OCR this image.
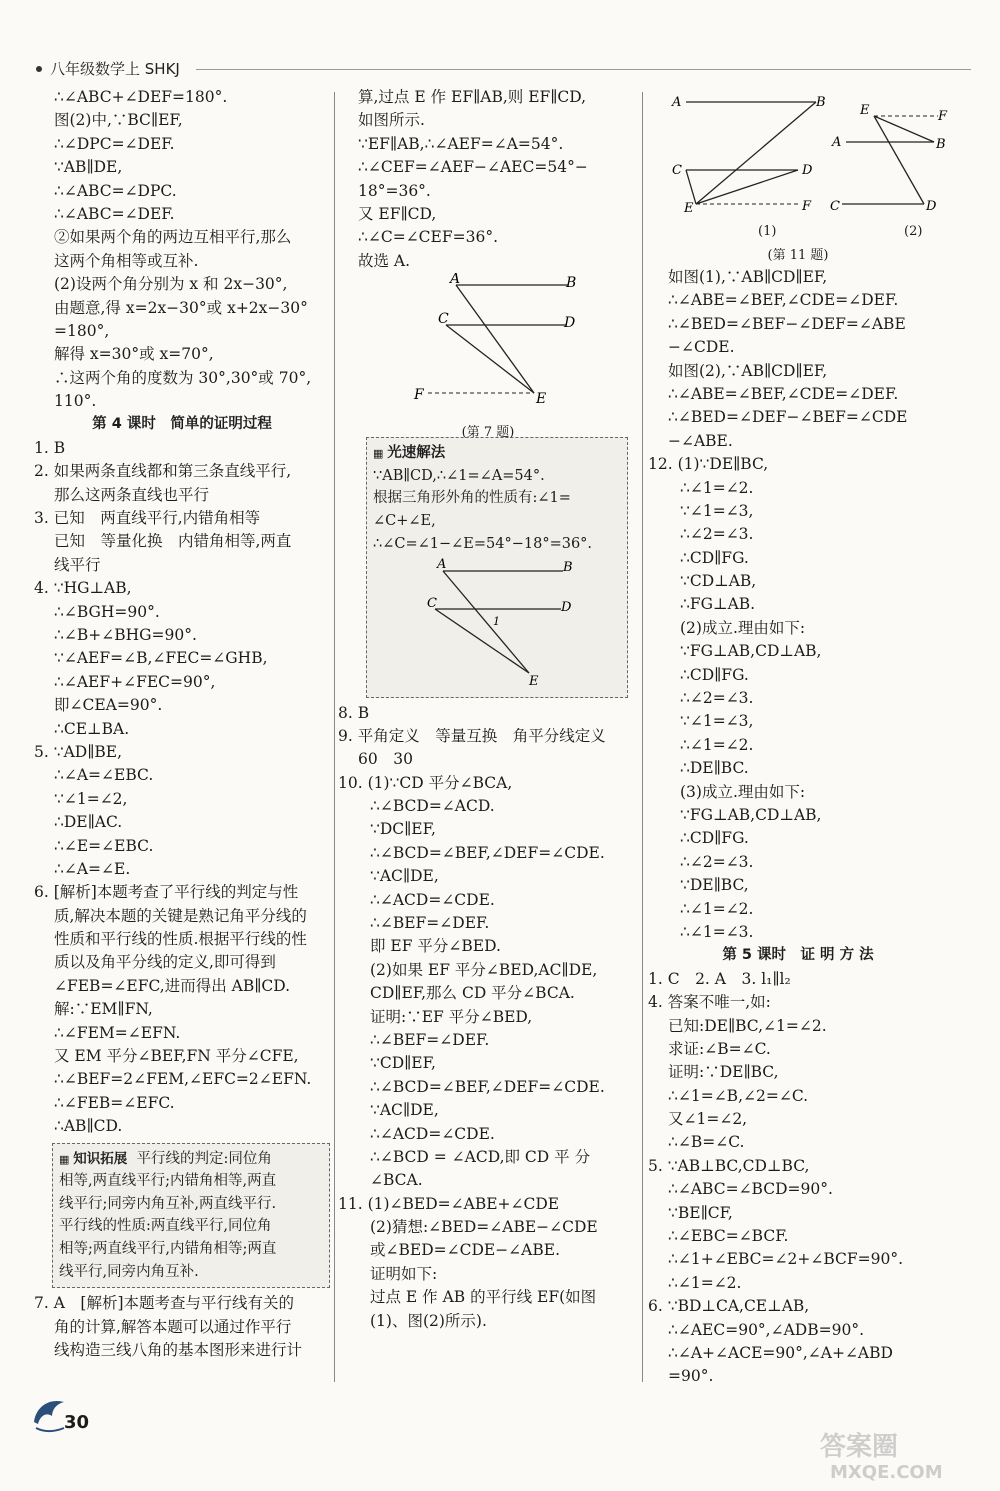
八年级数学上 SHKJ
∴∠ABC+∠DEF=180°.
图(2)中,∵BC∥EF,
∴∠DPC=∠DEF.
∵AB∥DE,
∴∠ABC=∠DPC.
∴∠ABC=∠DEF.
②如果两个角的两边互相平行,那么
这两个角相等或互补.
(2)设两个角分别为 x 和 2x−30°,
由题意,得 x=2x−30°或 x+2x−30°
=180°,
解得 x=30°或 x=70°,
∴这两个角的度数为 30°,30°或 70°,
110°.
第 4 课时　简单的证明过程
1. B
2. 如果两条直线都和第三条直线平行,
那么这两条直线也平行
3. 已知　两直线平行,内错角相等
已知　等量化换　内错角相等,两直
线平行
4. ∵HG⊥AB,
∴∠BGH=90°.
∴∠B+∠BHG=90°.
∵∠AEF=∠B,∠FEC=∠GHB,
∴∠AEF+∠FEC=90°,
即∠CEA=90°.
∴CE⊥BA.
5. ∵AD∥BE,
∴∠A=∠EBC.
∵∠1=∠2,
∴DE∥AC.
∴∠E=∠EBC.
∴∠A=∠E.
6. [解析]本题考查了平行线的判定与性
质,解决本题的关键是熟记角平分线的
性质和平行线的性质.根据平行线的性
质以及角平分线的定义,即可得到
∠FEB=∠EFC,进而得出 AB∥CD.
解:∵EM∥FN,
∴∠FEM=∠EFN.
又 EM 平分∠BEF,FN 平分∠CFE,
∴∠BEF=2∠FEM,∠EFC=2∠EFN.
∴∠FEB=∠EFC.
∴AB∥CD.
▦ 知识拓展 平行线的判定:同位角
相等,两直线平行;内错角相等,两直
线平行;同旁内角互补,两直线平行.
平行线的性质:两直线平行,同位角
相等;两直线平行,内错角相等;两直
线平行,同旁内角互补.
7. A　[解析]本题考查与平行线有关的
角的计算,解答本题可以通过作平行
线构造三线八角的基本图形来进行计
算,过点 E 作 EF∥AB,则 EF∥CD,
如图所示.
∵EF∥AB,∴∠AEF=∠A=54°.
∴∠CEF=∠AEF−∠AEC=54°−
18°=36°.
又 EF∥CD,
∴∠C=∠CEF=36°.
故选 A.
A	B
C	D
F	E
(第 7 题)
▦ 光速解法
∵AB∥CD,∴∠1=∠A=54°.
根据三角形外角的性质有:∠1=
∠C+∠E,
∴∠C=∠1−∠E=54°−18°=36°.
A	B
C	D
1
E
8. B
9. 平角定义　等量互换　角平分线定义
60　30
10. (1)∵CD 平分∠BCA,
∴∠BCD=∠ACD.
∵DC∥EF,
∴∠BCD=∠BEF,∠DEF=∠CDE.
∵AC∥DE,
∴∠ACD=∠CDE.
∴∠BEF=∠DEF.
即 EF 平分∠BED.
(2)如果 EF 平分∠BED,AC∥DE,
CD∥EF,那么 CD 平分∠BCA.
证明:∵EF 平分∠BED,
∴∠BEF=∠DEF.
∵CD∥EF,
∴∠BCD=∠BEF,∠DEF=∠CDE.
∵AC∥DE,
∴∠ACD=∠CDE.
∴∠BCD = ∠ACD,即 CD 平 分
∠BCA.
11. (1)∠BED=∠ABE+∠CDE
(2)猜想:∠BED=∠ABE−∠CDE
或∠BED=∠CDE−∠ABE.
证明如下:
过点 E 作 AB 的平行线 EF(如图
(1)、图(2)所示).
A	B
C	D
E	F
E	F
A	B
C	D
(1)	(2)
(第 11 题)
如图(1),∵AB∥CD∥EF,
∴∠ABE=∠BEF,∠CDE=∠DEF.
∴∠BED=∠BEF−∠DEF=∠ABE
−∠CDE.
如图(2),∵AB∥CD∥EF,
∴∠ABE=∠BEF,∠CDE=∠DEF.
∴∠BED=∠DEF−∠BEF=∠CDE
−∠ABE.
12. (1)∵DE∥BC,
∴∠1=∠2.
∵∠1=∠3,
∴∠2=∠3.
∴CD∥FG.
∵CD⊥AB,
∴FG⊥AB.
(2)成立.理由如下:
∵FG⊥AB,CD⊥AB,
∴CD∥FG.
∴∠2=∠3.
∵∠1=∠3,
∴∠1=∠2.
∴DE∥BC.
(3)成立.理由如下:
∵FG⊥AB,CD⊥AB,
∴CD∥FG.
∴∠2=∠3.
∵DE∥BC,
∴∠1=∠2.
∴∠1=∠3.
第 5 课时　证 明 方 法
1. C　2. A　3. l₁∥l₂
4. 答案不唯一,如:
已知:DE∥BC,∠1=∠2.
求证:∠B=∠C.
证明:∵DE∥BC,
∴∠1=∠B,∠2=∠C.
又∠1=∠2,
∴∠B=∠C.
5. ∵AB⊥BC,CD⊥BC,
∴∠ABC=∠BCD=90°.
∵BE∥CF,
∴∠EBC=∠BCF.
∴∠1+∠EBC=∠2+∠BCF=90°.
∴∠1=∠2.
6. ∵BD⊥CA,CE⊥AB,
∴∠AEC=90°,∠ADB=90°.
∴∠A+∠ACE=90°,∠A+∠ABD
=90°.
30
答案圈
MXQE.COM
